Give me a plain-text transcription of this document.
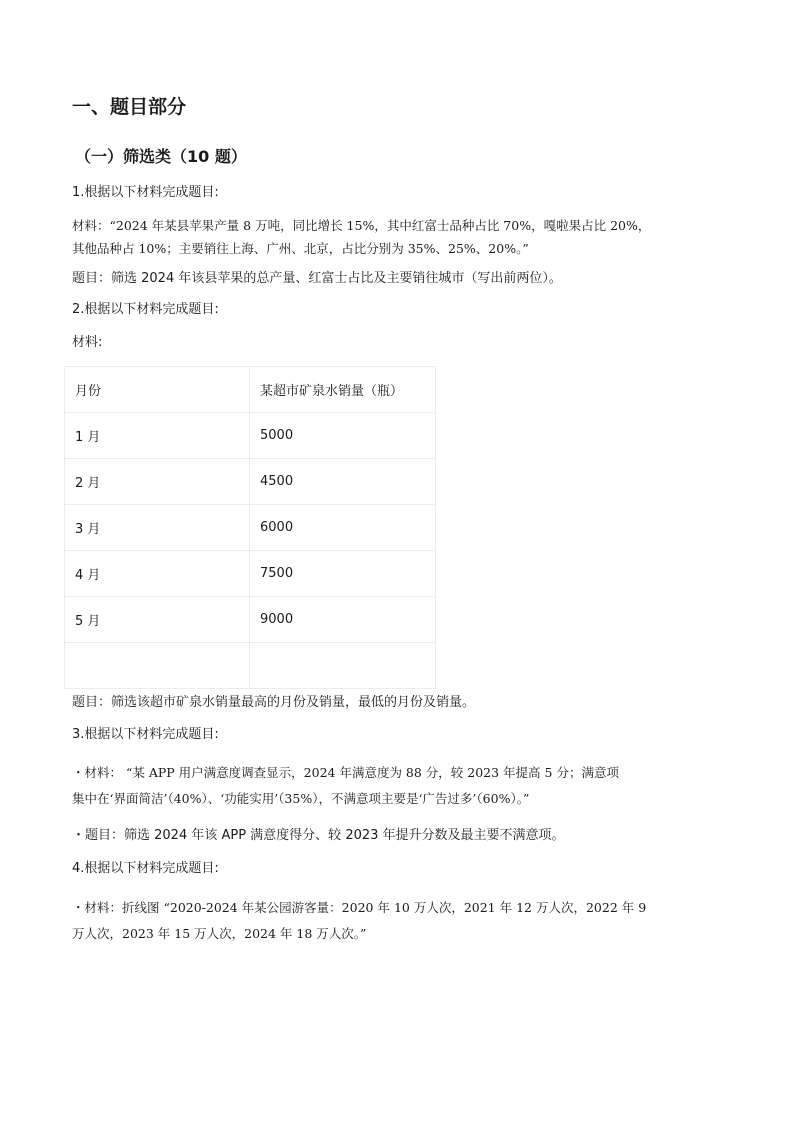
一、题目部分
（一）筛选类（10 题）

1.根据以下材料完成题目:

材料：“2024 年某县苹果产量 8 万吨，同比增长 15%，其中红富士品种占比 70%，嘎啦果占比 20%，

其他品种占 10%；主要销往上海、广州、北京，占比分别为 35%、25%、20%。”

题目：筛选 2024 年该县苹果的总产量、红富士占比及主要销往城市（写出前两位）。

2.根据以下材料完成题目:

材料:

月份	某超市矿泉水销量（瓶）
1 月	5000
2 月	4500
3 月	6000
4 月	7500
5 月	9000

题目：筛选该超市矿泉水销量最高的月份及销量，最低的月份及销量。

3.根据以下材料完成题目:

・材料： “某 APP 用户满意度调查显示，2024 年满意度为 88 分，较 2023 年提高 5 分；满意项

集中在‘界面简洁’（40%）、‘功能实用’（35%），不满意项主要是‘广告过多’（60%）。”

・题目：筛选 2024 年该 APP 满意度得分、较 2023 年提升分数及最主要不满意项。

4.根据以下材料完成题目:

・材料：折线图 “2020-2024 年某公园游客量：2020 年 10 万人次，2021 年 12 万人次，2022 年 9

万人次，2023 年 15 万人次，2024 年 18 万人次。”
